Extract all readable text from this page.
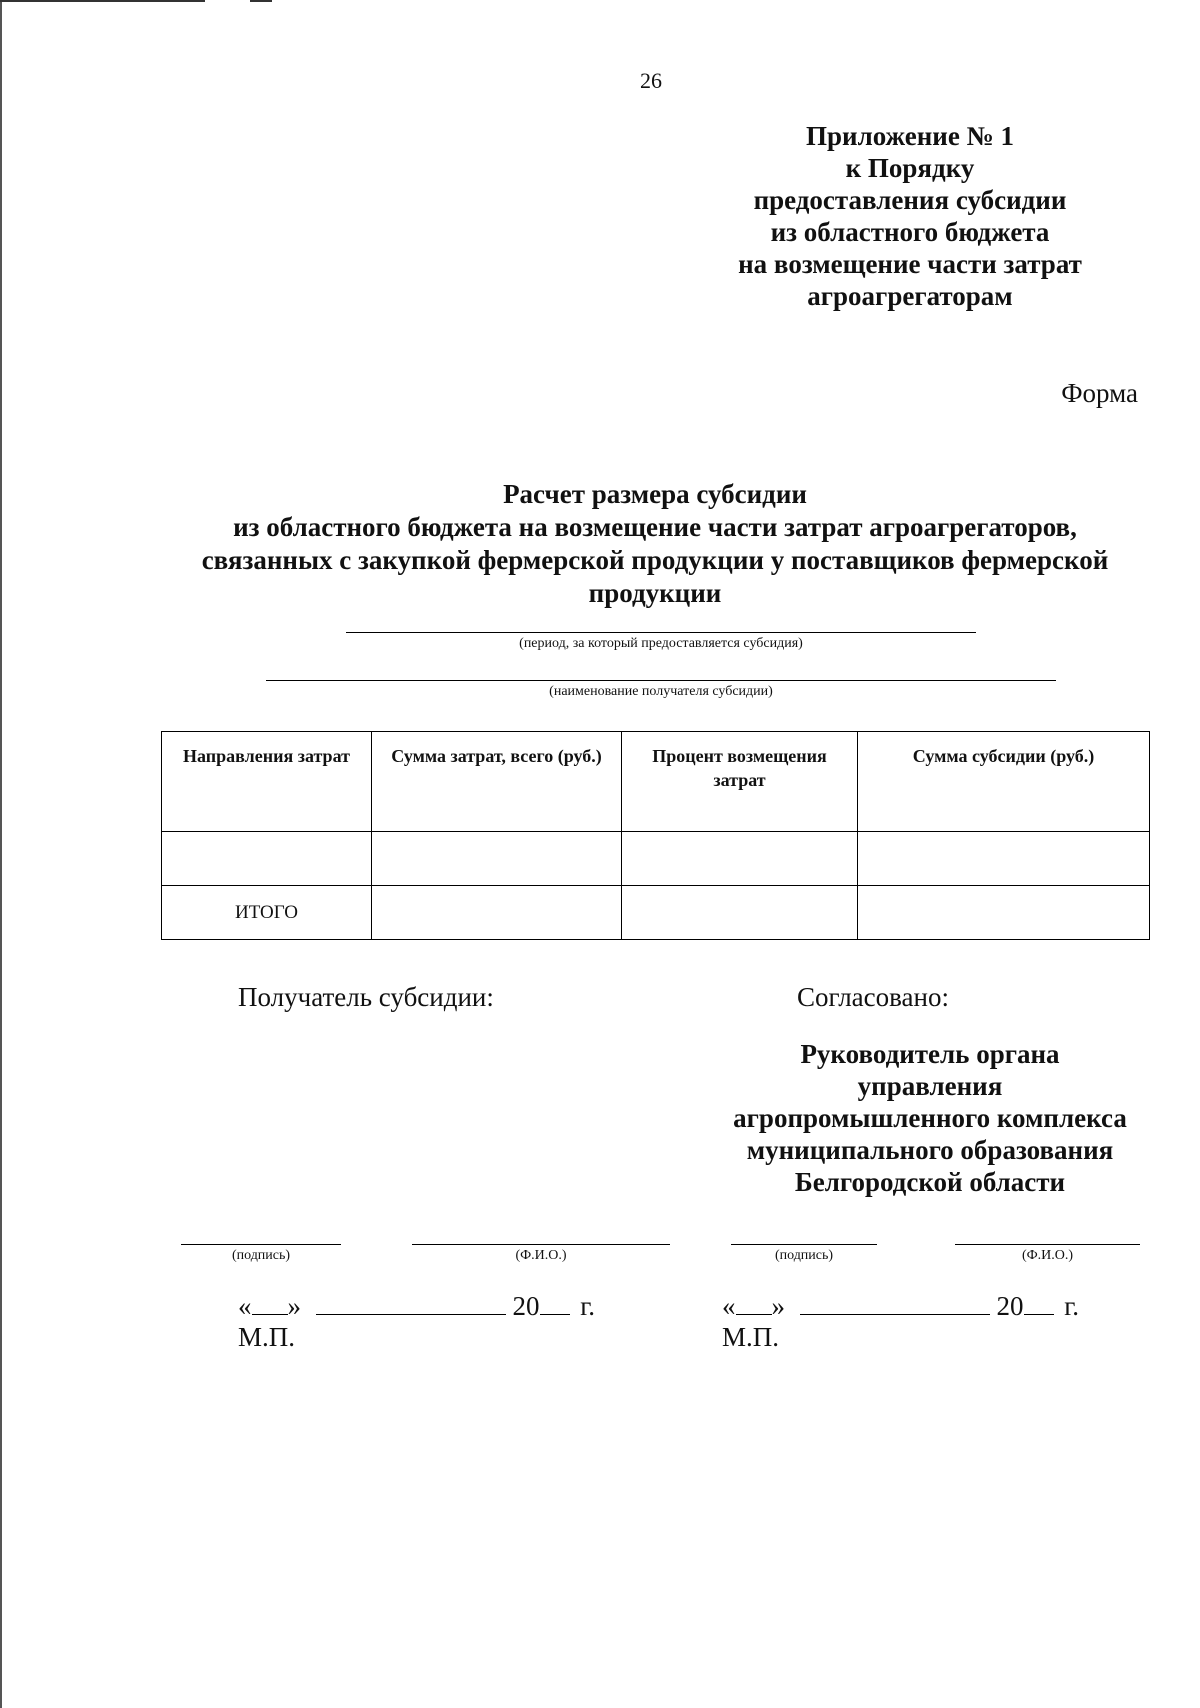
26
Приложение № 1
к Порядку
предоставления субсидии
из областного бюджета
на возмещение части затрат
агроагрегаторам
Форма
Расчет размера субсидии
из областного бюджета на возмещение части затрат агроагрегаторов,
связанных с закупкой фермерской продукции у поставщиков фермерской
продукции
(период, за который предоставляется субсидия)
(наименование получателя субсидии)
Направления затрат	Сумма затрат, всего (руб.)	Процент возмещения затрат	Сумма субсидии (руб.)

ИТОГО			
Получатель субсидии:	Согласовано:
Руководитель органа
управления
агропромышленного комплекса
муниципального образования
Белгородской области
(подпись)	(Ф.И.О.)
« »	20 г.
М.П.
(подпись)	(Ф.И.О.)
« »	20 г.
М.П.
